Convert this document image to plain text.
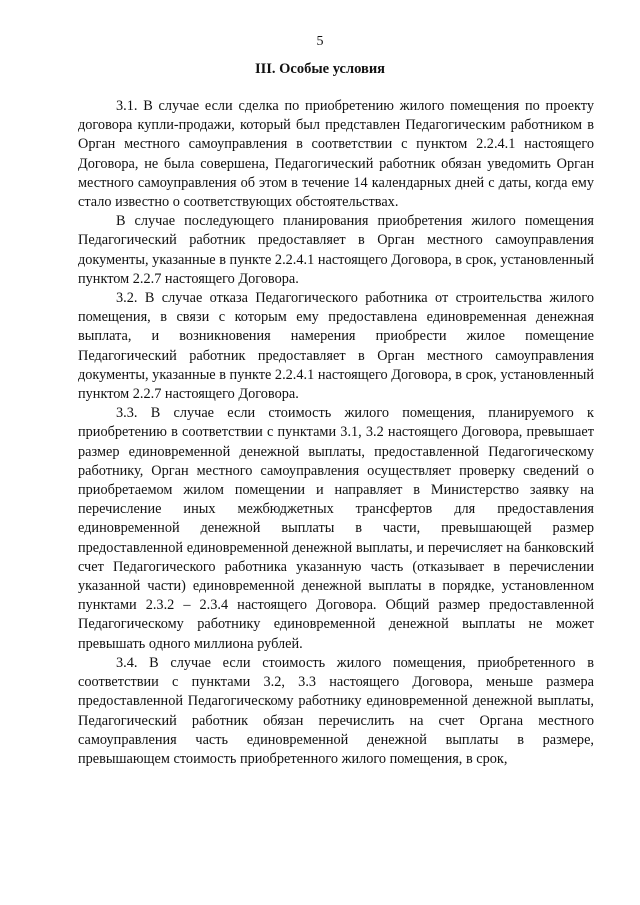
5
III. Особые условия

3.1. В случае если сделка по приобретению жилого помещения по проекту договора купли-продажи, который был представлен Педагогическим работником в Орган местного самоуправления в соответствии с пунктом 2.2.4.1 настоящего Договора, не была совершена, Педагогический работник обязан уведомить Орган местного самоуправления об этом в течение 14 календарных дней с даты, когда ему стало известно о соответствующих обстоятельствах.

В случае последующего планирования приобретения жилого помещения Педагогический работник предоставляет в Орган местного самоуправления документы, указанные в пункте 2.2.4.1 настоящего Договора, в срок, установленный пунктом 2.2.7 настоящего Договора.

3.2. В случае отказа Педагогического работника от строительства жилого помещения, в связи с которым ему предоставлена единовременная денежная выплата, и возникновения намерения приобрести жилое помещение Педагогический работник предоставляет в Орган местного самоуправления документы, указанные в пункте 2.2.4.1 настоящего Договора, в срок, установленный пунктом 2.2.7 настоящего Договора.

3.3. В случае если стоимость жилого помещения, планируемого к приобретению в соответствии с пунктами 3.1, 3.2 настоящего Договора, превышает размер единовременной денежной выплаты, предоставленной Педагогическому работнику, Орган местного самоуправления осуществляет проверку сведений о приобретаемом жилом помещении и направляет в Министерство заявку на перечисление иных межбюджетных трансфертов для предоставления единовременной денежной выплаты в части, превышающей размер предоставленной единовременной денежной выплаты, и перечисляет на банковский счет Педагогического работника указанную часть (отказывает в перечислении указанной части) единовременной денежной выплаты в порядке, установленном пунктами 2.3.2 – 2.3.4 настоящего Договора. Общий размер предоставленной Педагогическому работнику единовременной денежной выплаты не может превышать одного миллиона рублей.

3.4. В случае если стоимость жилого помещения, приобретенного в соответствии с пунктами 3.2, 3.3 настоящего Договора, меньше размера предоставленной Педагогическому работнику единовременной денежной выплаты, Педагогический работник обязан перечислить на счет Органа местного самоуправления часть единовременной денежной выплаты в размере, превышающем стоимость приобретенного жилого помещения, в срок,
